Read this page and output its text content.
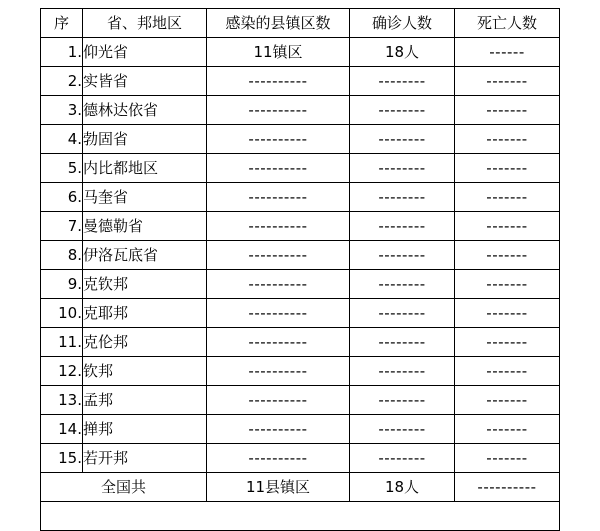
序	省、邦地区	感染的县镇区数	确诊人数	死亡人数
1.	仰光省	11镇区	18人	------
2.	实皆省	----------	--------	-------
3.	德林达依省	----------	--------	-------
4.	勃固省	----------	--------	-------
5.	内比都地区	----------	--------	-------
6.	马奎省	----------	--------	-------
7.	曼德勒省	----------	--------	-------
8.	伊洛瓦底省	----------	--------	-------
9.	克钦邦	----------	--------	-------
10.	克耶邦	----------	--------	-------
11.	克伦邦	----------	--------	-------
12.	钦邦	----------	--------	-------
13.	孟邦	----------	--------	-------
14.	掸邦	----------	--------	-------
15.	若开邦	----------	--------	-------
全国共		11县镇区	18人	----------
